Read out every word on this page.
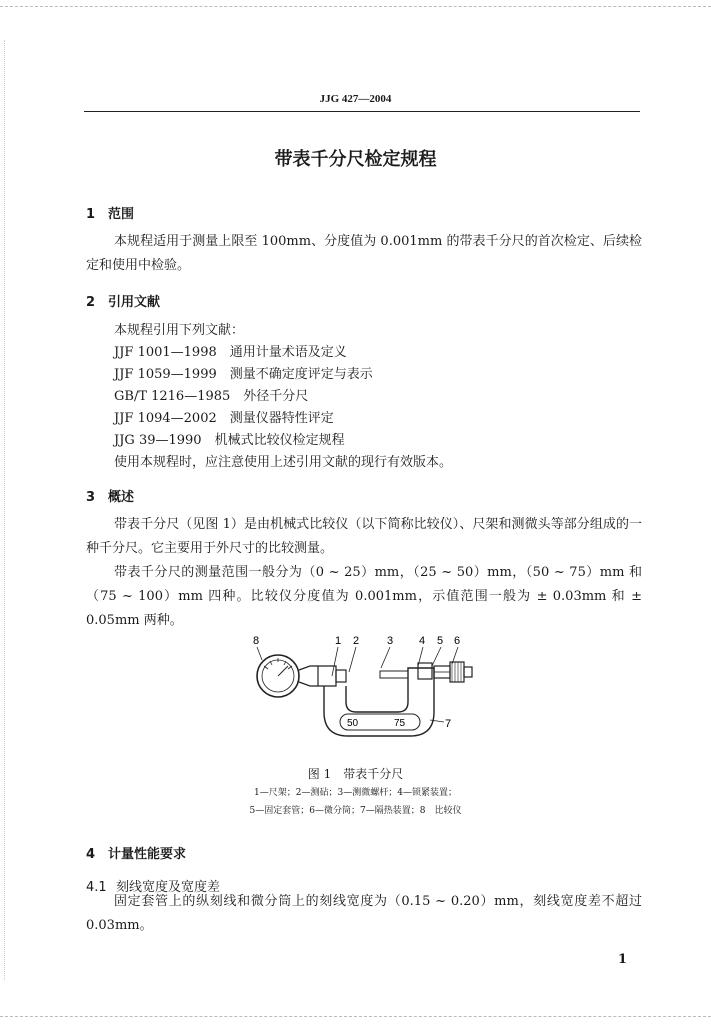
JJG 427—2004
带表千分尺检定规程
1 范围
本规程适用于测量上限至 100mm、分度值为 0.001mm 的带表千分尺的首次检定、后续检定和使用中检验。
2 引用文献
本规程引用下列文献：
JJF 1001—1998　通用计量术语及定义
JJF 1059—1999　测量不确定度评定与表示
GB/T 1216—1985　外径千分尺
JJF 1094—2002　测量仪器特性评定
JJG 39—1990　机械式比较仪检定规程
使用本规程时，应注意使用上述引用文献的现行有效版本。
3 概述
带表千分尺（见图 1）是由机械式比较仪（以下简称比较仪）、尺架和测微头等部分组成的一种千分尺。它主要用于外尺寸的比较测量。
带表千分尺的测量范围一般分为（0 ~ 25）mm，（25 ~ 50）mm，（50 ~ 75）mm 和（75 ~ 100）mm 四种。比较仪分度值为 0.001mm，示值范围一般为 ± 0.03mm 和 ± 0.05mm 两种。
8	1 2	3 4 5 6
7
50	75
图 1　带表千分尺
1—尺架；2—测砧；3—测微螺杆；4—锁紧装置；
5—固定套管；6—微分筒；7—隔热装置；8　比较仪
4 计量性能要求
4.1 刻线宽度及宽度差
固定套管上的纵刻线和微分筒上的刻线宽度为（0.15 ~ 0.20）mm，刻线宽度差不超过 0.03mm。
1
